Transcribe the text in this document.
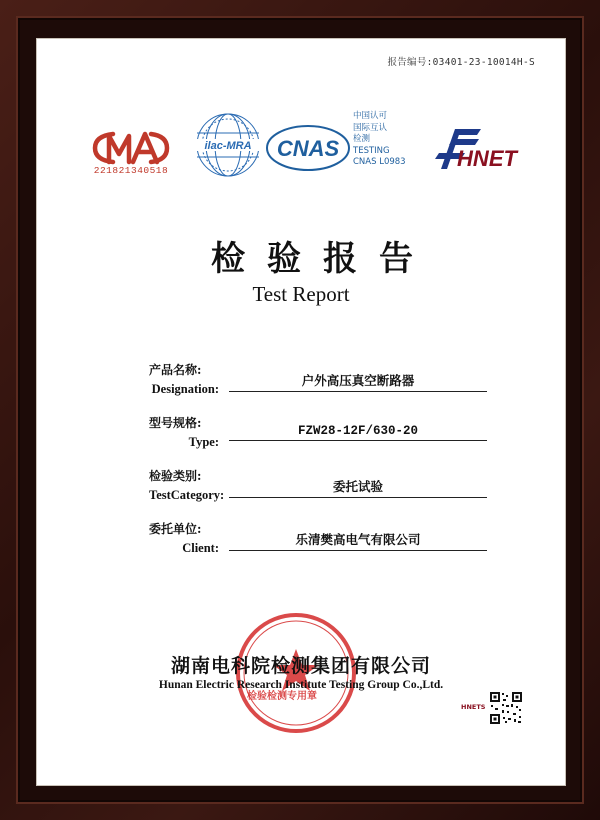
报告编号:03401-23-10014H-S
221821340518
ilac-MRA CNAS
中国认可
国际互认
检测
TESTING
CNAS L0983 HNET
检验报告
Test Report
产品名称:
Designation:
户外高压真空断路器
型号规格:
Type:
FZW28-12F/630-20
检验类别:
TestCategory:
委托试验
委托单位:
Client:
乐清樊高电气有限公司
湖南电科院检测集团有限公司
Hunan Electric Research Institute Testing Group Co.,Ltd.
检验检测专用章
HNETS
